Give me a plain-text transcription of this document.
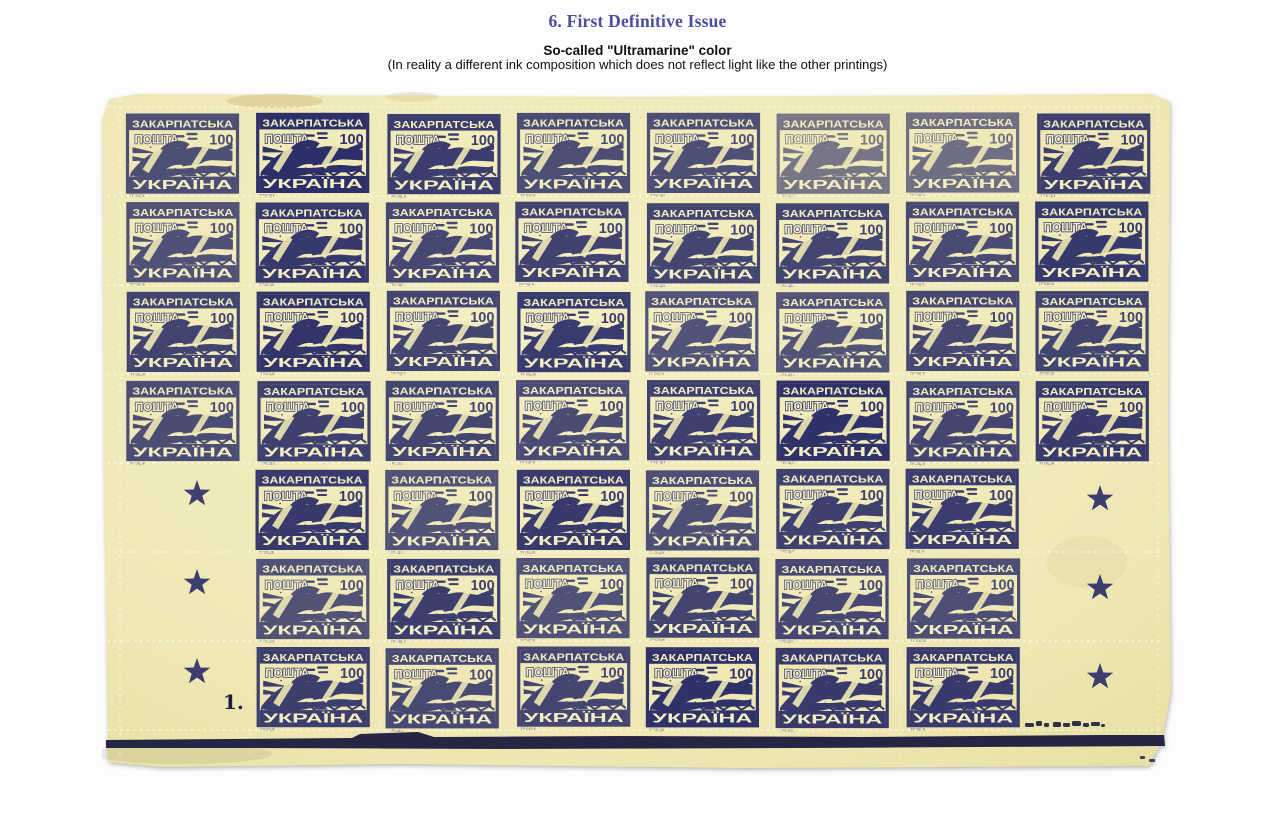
6. First Definitive Issue
So-called "Ultramarine" color

(In reality a different ink composition which does not reflect light like the other printings)

1.
